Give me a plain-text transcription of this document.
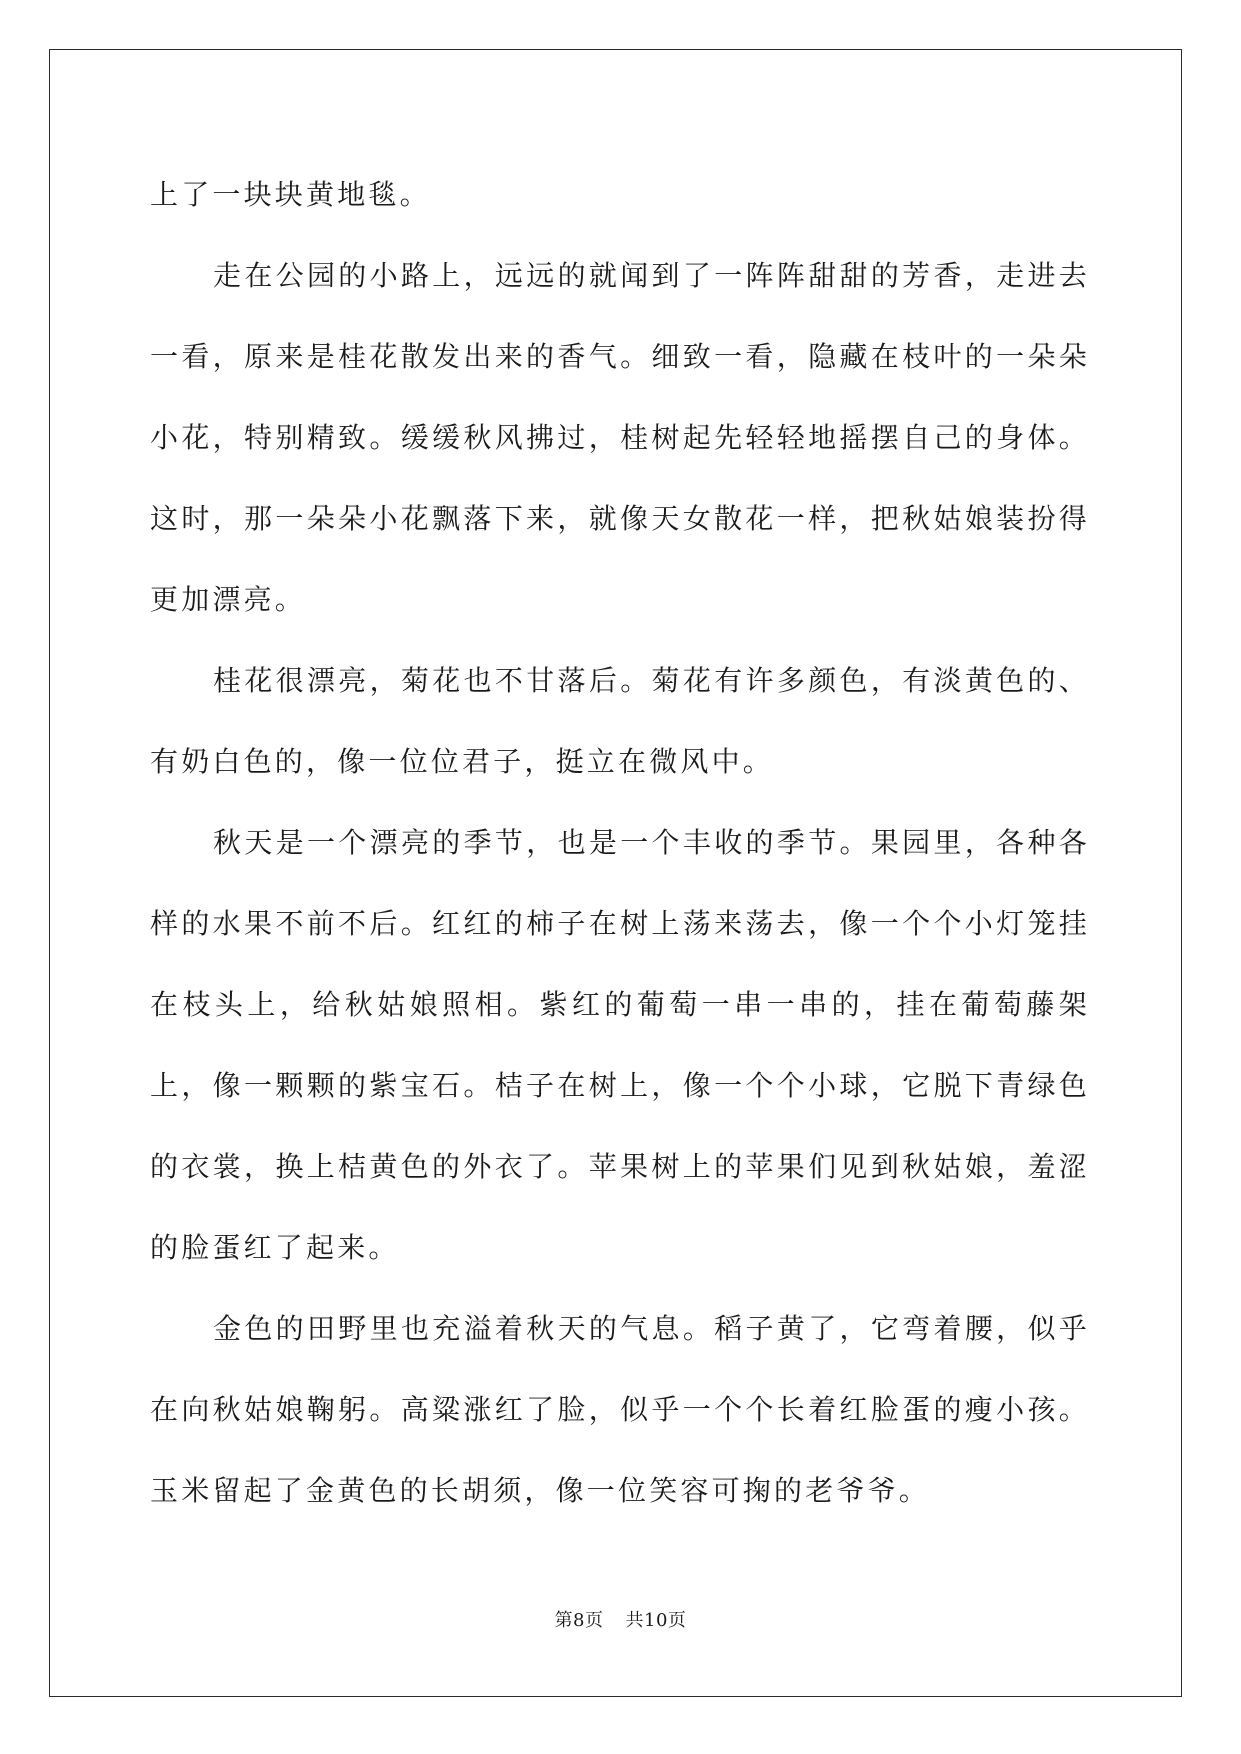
上了一块块黄地毯。

走在公园的小路上，远远的就闻到了一阵阵甜甜的芳香，走进去一看，原来是桂花散发出来的香气。细致一看，隐藏在枝叶的一朵朵小花，特别精致。缓缓秋风拂过，桂树起先轻轻地摇摆自己的身体。这时，那一朵朵小花飘落下来，就像天女散花一样，把秋姑娘装扮得更加漂亮。

桂花很漂亮，菊花也不甘落后。菊花有许多颜色，有淡黄色的、有奶白色的，像一位位君子，挺立在微风中。

秋天是一个漂亮的季节，也是一个丰收的季节。果园里，各种各样的水果不前不后。红红的柿子在树上荡来荡去，像一个个小灯笼挂在枝头上，给秋姑娘照相。紫红的葡萄一串一串的，挂在葡萄藤架上，像一颗颗的紫宝石。桔子在树上，像一个个小球，它脱下青绿色的衣裳，换上桔黄色的外衣了。苹果树上的苹果们见到秋姑娘，羞涩的脸蛋红了起来。

金色的田野里也充溢着秋天的气息。稻子黄了，它弯着腰，似乎在向秋姑娘鞠躬。高粱涨红了脸，似乎一个个长着红脸蛋的瘦小孩。玉米留起了金黄色的长胡须，像一位笑容可掬的老爷爷。

第8页 共10页
